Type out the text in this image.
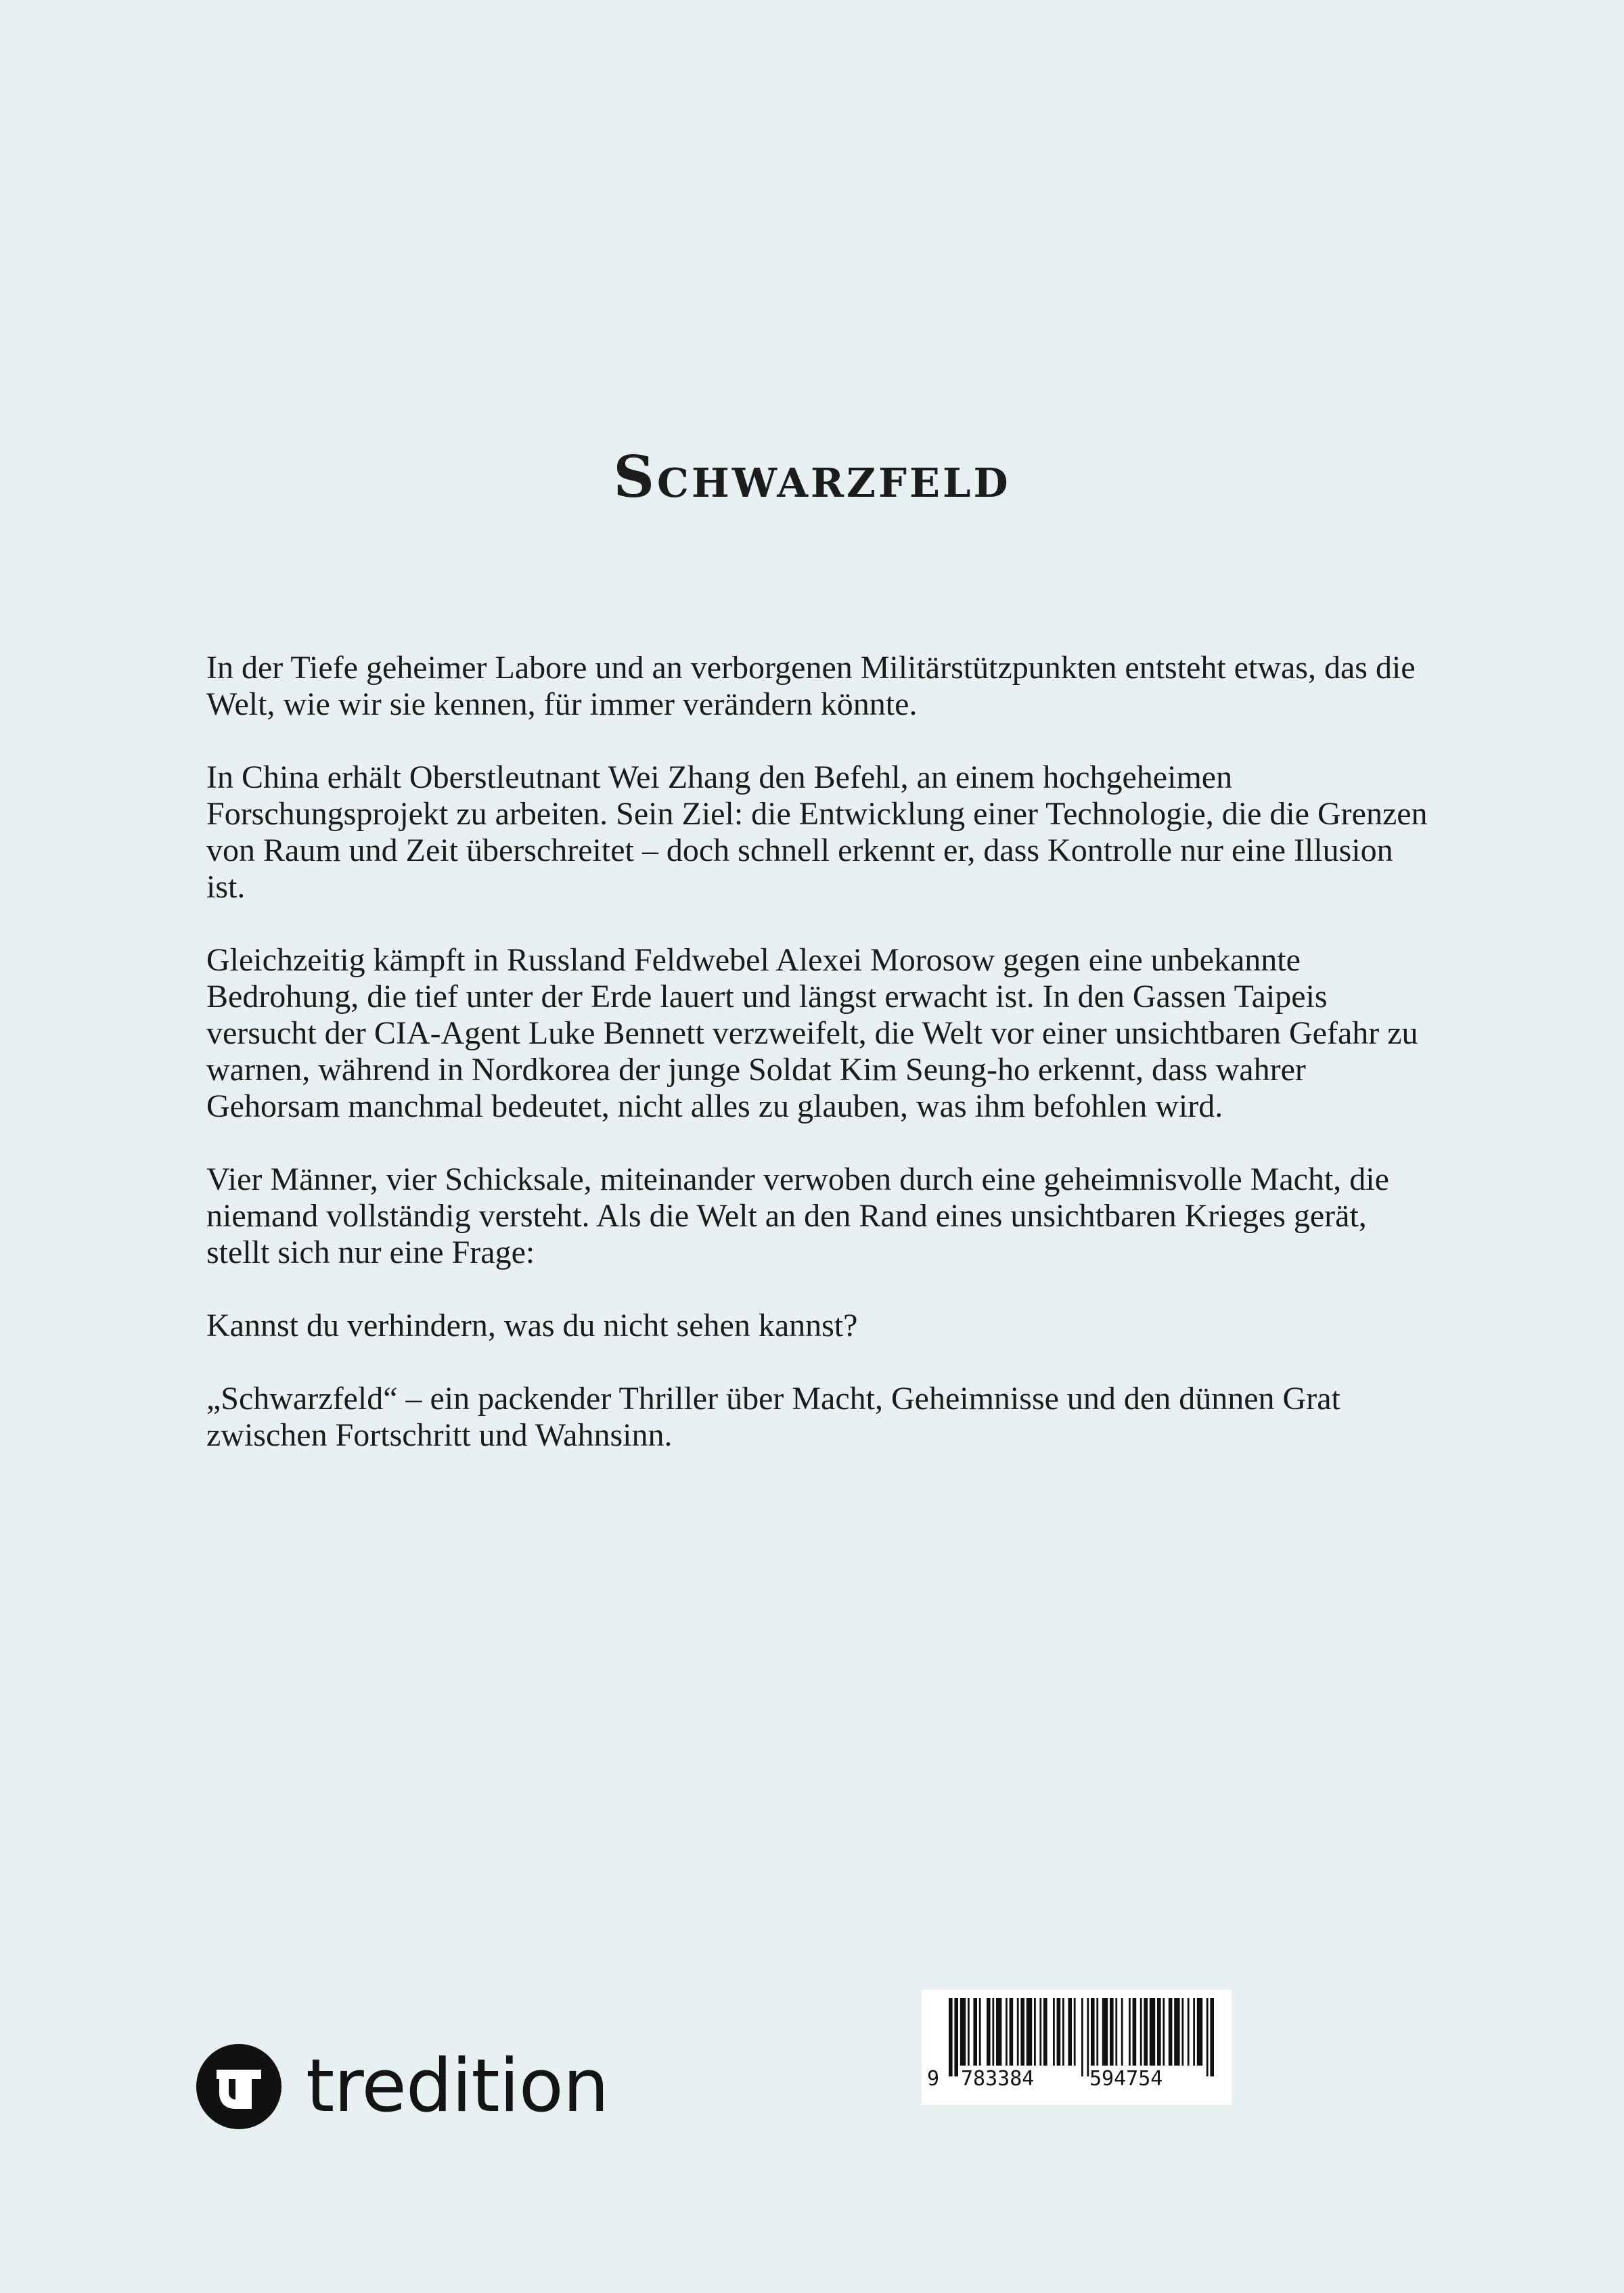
Schwarzfeld

In der Tiefe geheimer Labore und an verborgenen Militärstützpunkten entsteht etwas, das die Welt, wie wir sie kennen, für immer verändern könnte.

In China erhält Oberstleutnant Wei Zhang den Befehl, an einem hochgeheimen Forschungsprojekt zu arbeiten. Sein Ziel: die Entwicklung einer Technologie, die die Grenzen von Raum und Zeit überschreitet – doch schnell erkennt er, dass Kontrolle nur eine Illusion ist.

Gleichzeitig kämpft in Russland Feldwebel Alexei Morosow gegen eine unbekannte Bedrohung, die tief unter der Erde lauert und längst erwacht ist. In den Gassen Taipeis versucht der CIA-Agent Luke Bennett verzweifelt, die Welt vor einer unsichtbaren Gefahr zu warnen, während in Nordkorea der junge Soldat Kim Seung-ho erkennt, dass wahrer Gehorsam manchmal bedeutet, nicht alles zu glauben, was ihm befohlen wird.

Vier Männer, vier Schicksale, miteinander verwoben durch eine geheimnisvolle Macht, die niemand vollständig versteht. Als die Welt an den Rand eines unsichtbaren Krieges gerät, stellt sich nur eine Frage:

Kannst du verhindern, was du nicht sehen kannst?

„Schwarzfeld“ – ein packender Thriller über Macht, Geheimnisse und den dünnen Grat zwischen Fortschritt und Wahnsinn.

tredition	9 783384	594754
